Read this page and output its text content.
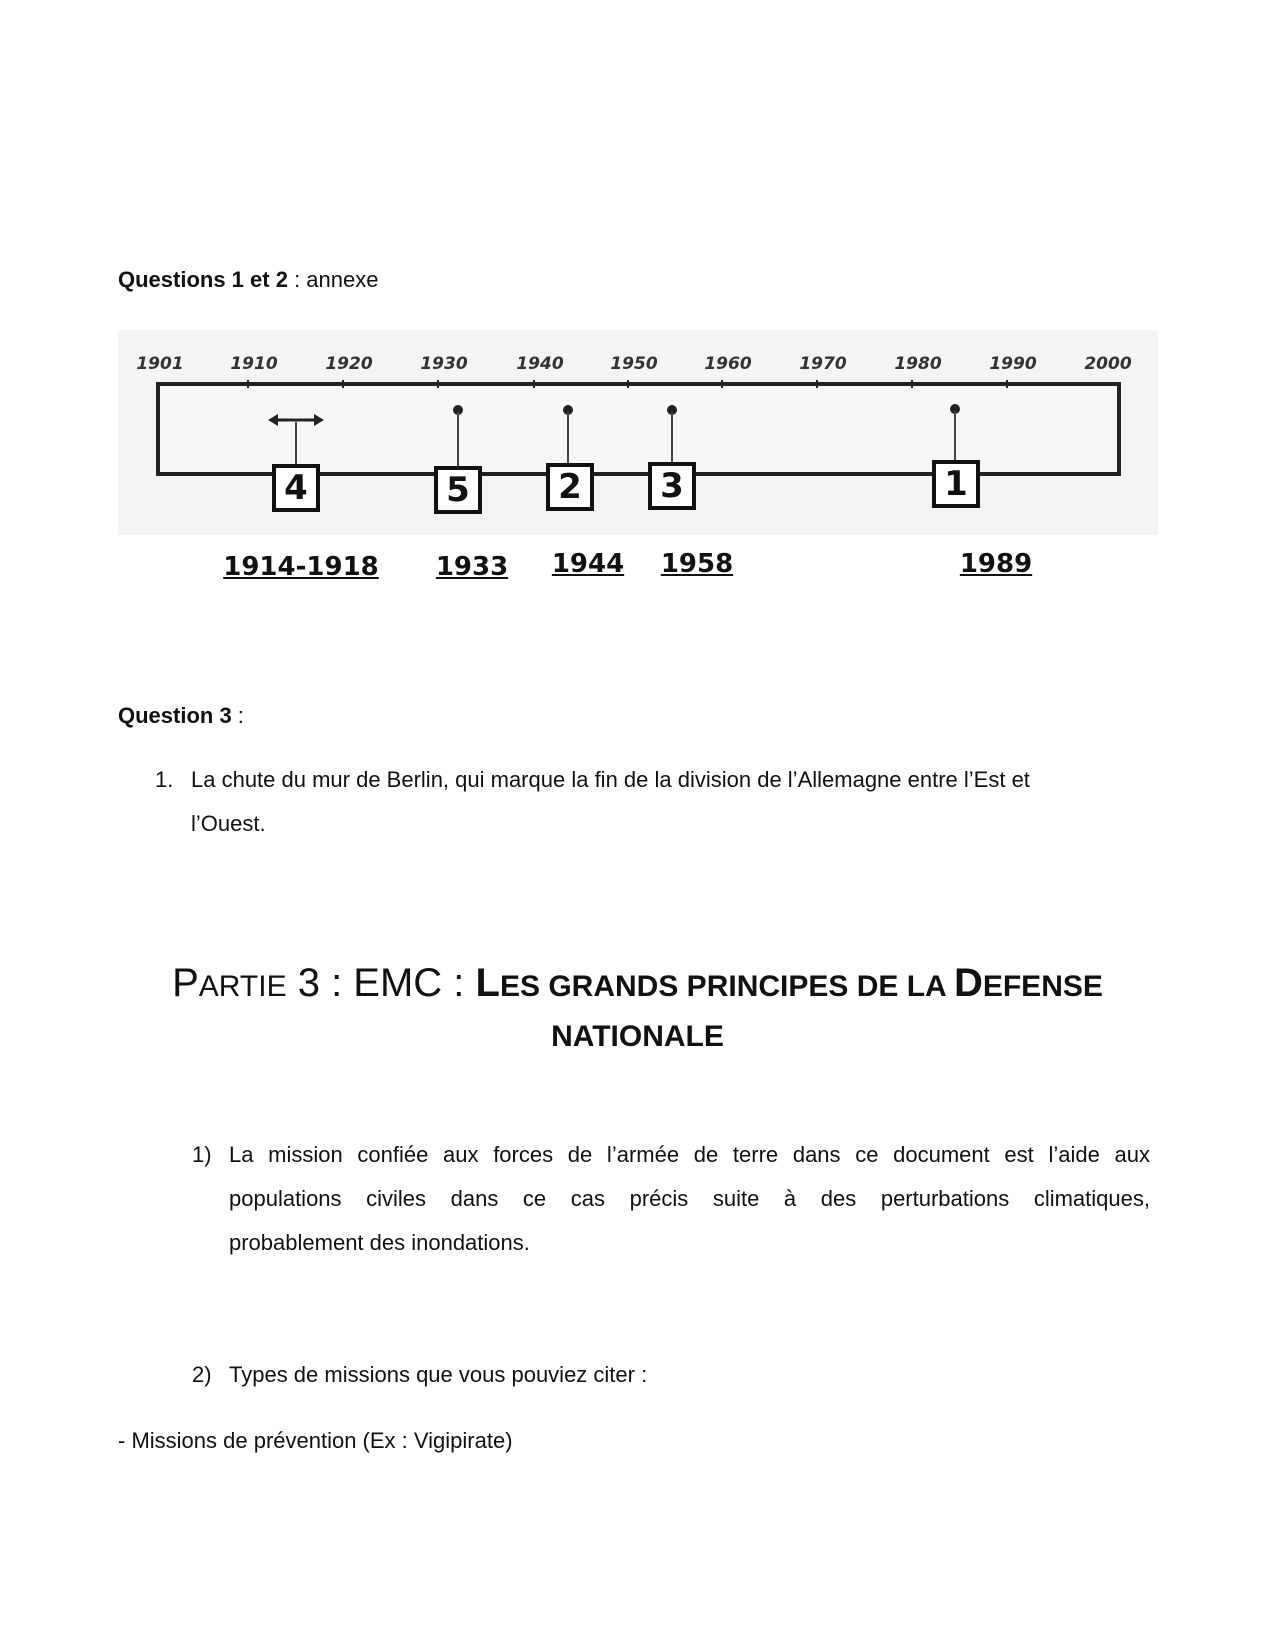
Questions 1 et 2 : annexe
1901	1910	1920	1930	1940	1950	1960	1970	1980	1990	2000
4	5	2	3	1
1914-1918 1933 1944 1958	1989
Question 3 :
1. La chute du mur de Berlin, qui marque la fin de la division de l’Allemagne entre l’Est et
l’Ouest.
PARTIE 3 : EMC : LES GRANDS PRINCIPES DE LA DEFENSE
NATIONALE
1) La mission confiée aux forces de l’armée de terre dans ce document est l’aide aux
populations civiles dans ce cas précis suite à des perturbations climatiques,
probablement des inondations.
2) Types de missions que vous pouviez citer :
- Missions de prévention (Ex : Vigipirate)
